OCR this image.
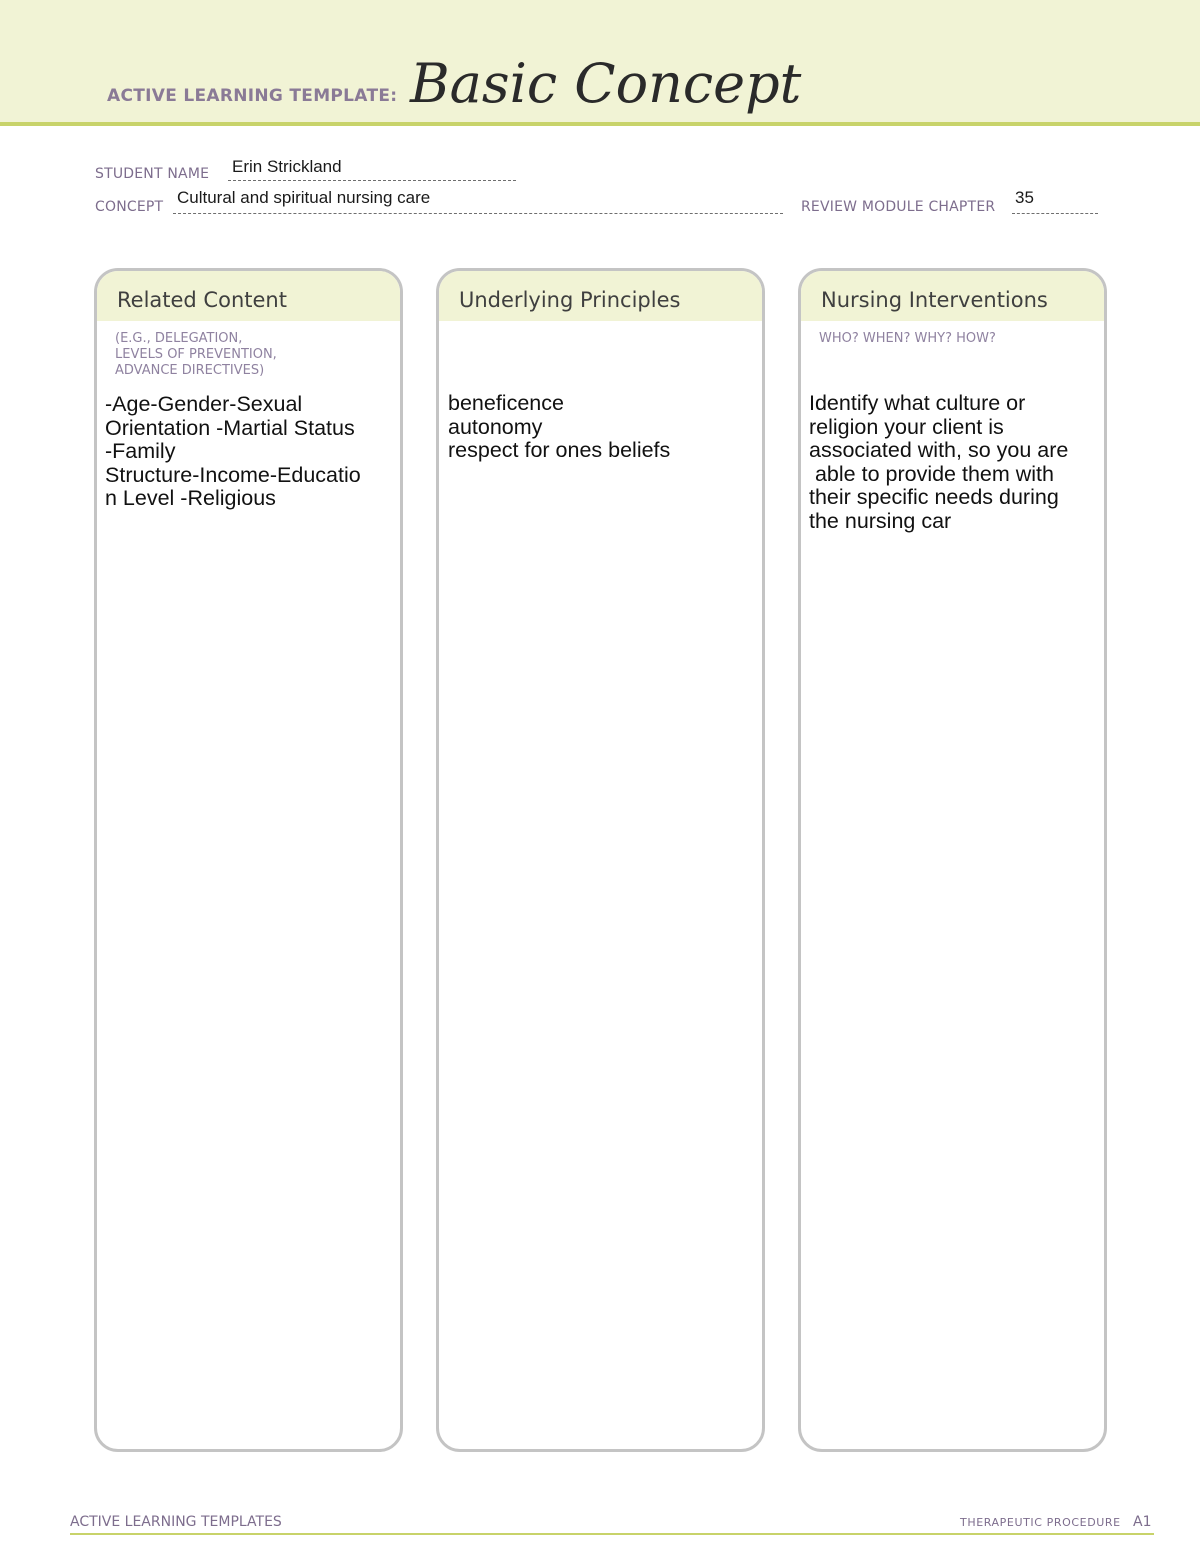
ACTIVE LEARNING TEMPLATE: Basic Concept
STUDENT NAME Erin Strickland
CONCEPT Cultural and spiritual nursing care	REVIEW MODULE CHAPTER 35
Related Content
(E.G., DELEGATION,
LEVELS OF PREVENTION,
ADVANCE DIRECTIVES)
-Age-Gender-Sexual
Orientation -Martial Status
-Family
Structure-Income-Educatio
n Level -Religious
Underlying Principles
beneficence
autonomy
respect for ones beliefs
Nursing Interventions
WHO? WHEN? WHY? HOW?
Identify what culture or
religion your client is
associated with, so you are
able to provide them with
their specific needs during
the nursing car
ACTIVE LEARNING TEMPLATES	THERAPEUTIC PROCEDURE A1
